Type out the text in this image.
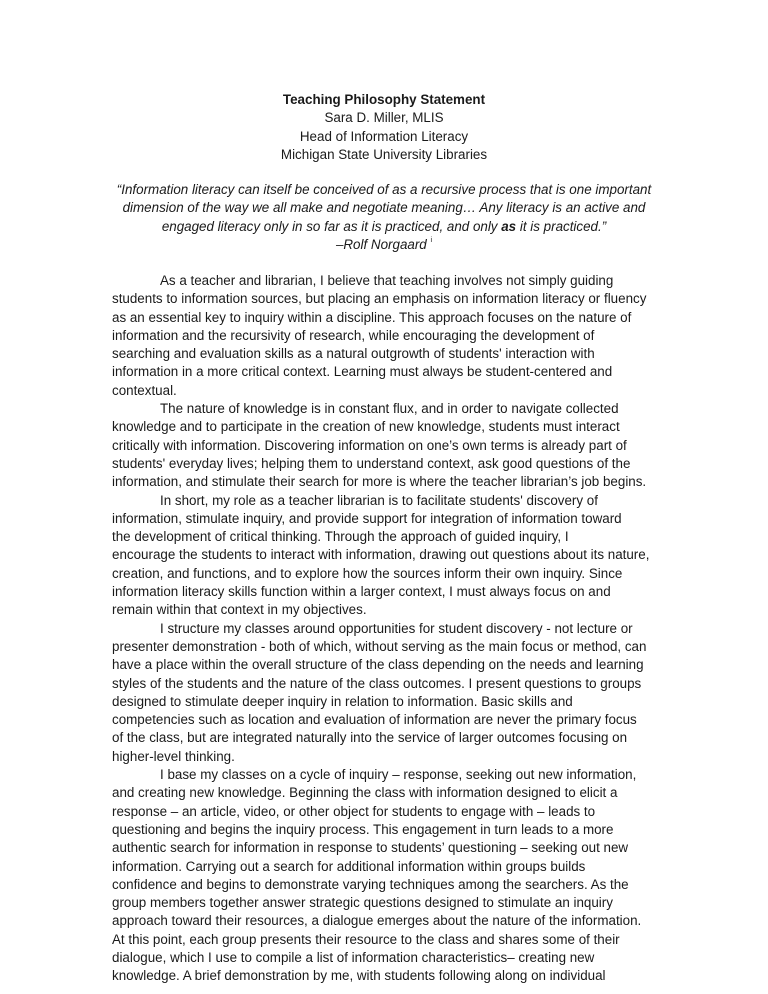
Teaching Philosophy Statement
Sara D. Miller, MLIS
Head of Information Literacy
Michigan State University Libraries
“Information literacy can itself be conceived of as a recursive process that is one important
dimension of the way we all make and negotiate meaning… Any literacy is an active and
engaged literacy only in so far as it is practiced, and only as it is practiced.”
–Rolf Norgaard $^i$
As a teacher and librarian, I believe that teaching involves not simply guiding
students to information sources, but placing an emphasis on information literacy or fluency
as an essential key to inquiry within a discipline. This approach focuses on the nature of
information and the recursivity of research, while encouraging the development of
searching and evaluation skills as a natural outgrowth of students' interaction with
information in a more critical context. Learning must always be student-centered and
contextual.
The nature of knowledge is in constant flux, and in order to navigate collected
knowledge and to participate in the creation of new knowledge, students must interact
critically with information. Discovering information on one’s own terms is already part of
students' everyday lives; helping them to understand context, ask good questions of the
information, and stimulate their search for more is where the teacher librarian’s job begins.
In short, my role as a teacher librarian is to facilitate students' discovery of
information, stimulate inquiry, and provide support for integration of information toward
the development of critical thinking. Through the approach of guided inquiry, I
encourage the students to interact with information, drawing out questions about its nature,
creation, and functions, and to explore how the sources inform their own inquiry. Since
information literacy skills function within a larger context, I must always focus on and
remain within that context in my objectives.
I structure my classes around opportunities for student discovery - not lecture or
presenter demonstration - both of which, without serving as the main focus or method, can
have a place within the overall structure of the class depending on the needs and learning
styles of the students and the nature of the class outcomes. I present questions to groups
designed to stimulate deeper inquiry in relation to information. Basic skills and
competencies such as location and evaluation of information are never the primary focus
of the class, but are integrated naturally into the service of larger outcomes focusing on
higher-level thinking.
I base my classes on a cycle of inquiry – response, seeking out new information,
and creating new knowledge. Beginning the class with information designed to elicit a
response – an article, video, or other object for students to engage with – leads to
questioning and begins the inquiry process. This engagement in turn leads to a more
authentic search for information in response to students’ questioning – seeking out new
information. Carrying out a search for additional information within groups builds
confidence and begins to demonstrate varying techniques among the searchers. As the
group members together answer strategic questions designed to stimulate an inquiry
approach toward their resources, a dialogue emerges about the nature of the information.
At this point, each group presents their resource to the class and shares some of their
dialogue, which I use to compile a list of information characteristics– creating new
knowledge. A brief demonstration by me, with students following along on individual
